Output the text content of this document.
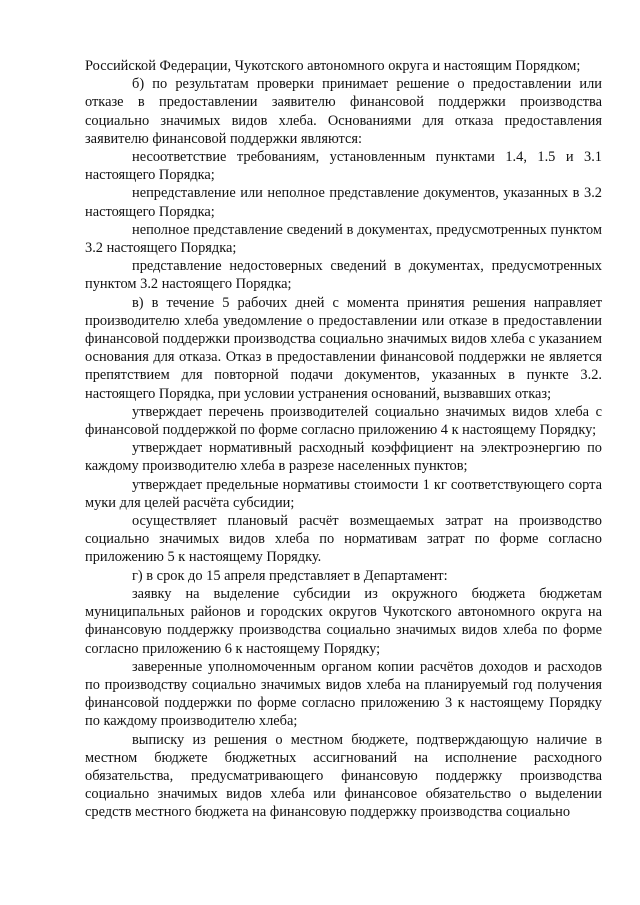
Российской Федерации, Чукотского автономного округа и настоящим Порядком;

б) по результатам проверки принимает решение о предоставлении или отказе в предоставлении заявителю финансовой поддержки производства социально значимых видов хлеба. Основаниями для отказа предоставления заявителю финансовой поддержки являются:

несоответствие требованиям, установленным пунктами 1.4, 1.5 и 3.1 настоящего Порядка;

непредставление или неполное представление документов, указанных в 3.2 настоящего Порядка;

неполное представление сведений в документах, предусмотренных пунктом 3.2 настоящего Порядка;

представление недостоверных сведений в документах, предусмотренных пунктом 3.2 настоящего Порядка;

в) в течение 5 рабочих дней с момента принятия решения направляет производителю хлеба уведомление о предоставлении или отказе в предоставлении финансовой поддержки производства социально значимых видов хлеба с указанием основания для отказа. Отказ в предоставлении финансовой поддержки не является препятствием для повторной подачи документов, указанных в пункте 3.2. настоящего Порядка, при условии устранения оснований, вызвавших отказ;

утверждает перечень производителей социально значимых видов хлеба с финансовой поддержкой по форме согласно приложению 4 к настоящему Порядку;

утверждает нормативный расходный коэффициент на электроэнергию по каждому производителю хлеба в разрезе населенных пунктов;

утверждает предельные нормативы стоимости 1 кг соответствующего сорта муки для целей расчёта субсидии;

осуществляет плановый расчёт возмещаемых затрат на производство социально значимых видов хлеба по нормативам затрат по форме согласно приложению 5 к настоящему Порядку.

г) в срок до 15 апреля представляет в Департамент:

заявку на выделение субсидии из окружного бюджета бюджетам муниципальных районов и городских округов Чукотского автономного округа на финансовую поддержку производства социально значимых видов хлеба по форме согласно приложению 6 к настоящему Порядку;

заверенные уполномоченным органом копии расчётов доходов и расходов по производству социально значимых видов хлеба на планируемый год получения финансовой поддержки по форме согласно приложению 3 к настоящему Порядку по каждому производителю хлеба;

выписку из решения о местном бюджете, подтверждающую наличие в местном бюджете бюджетных ассигнований на исполнение расходного обязательства, предусматривающего финансовую поддержку производства социально значимых видов хлеба или финансовое обязательство о выделении средств местного бюджета на финансовую поддержку производства социально
